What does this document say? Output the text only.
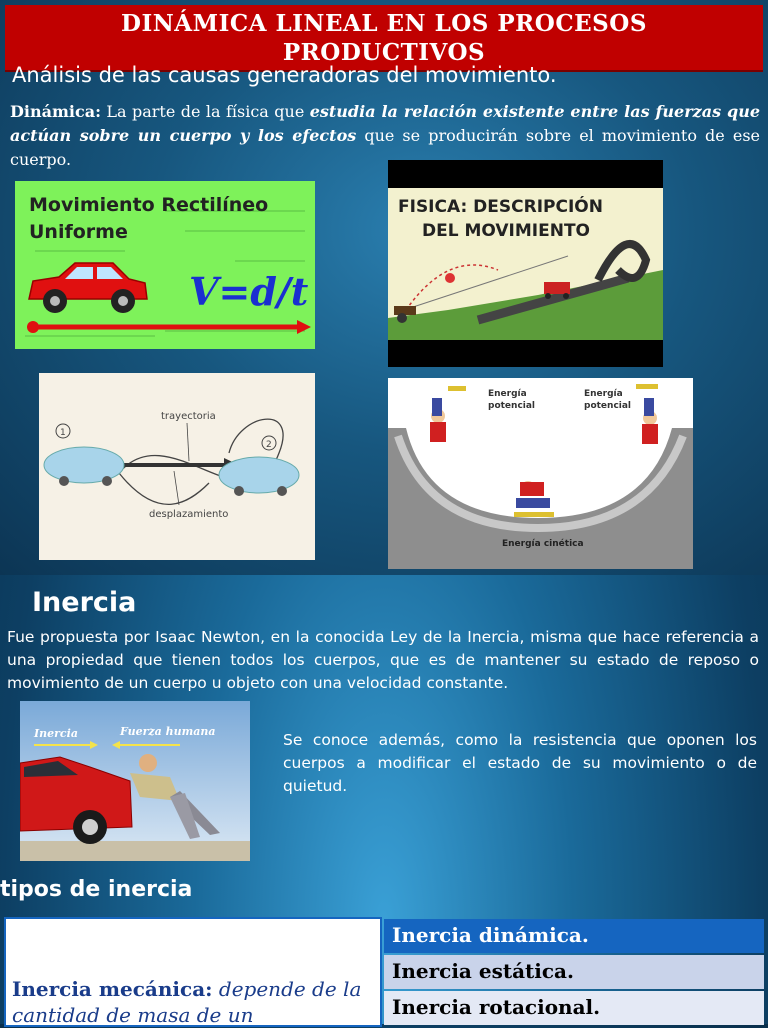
DINÁMICA LINEAL EN LOS PROCESOS PRODUCTIVOS
Análisis de las causas generadoras del movimiento.
Dinámica: La parte de la física que estudia la relación existente entre las fuerzas que actúan sobre un cuerpo y los efectos que se producirán sobre el movimiento de ese cuerpo.
Movimiento Rectilíneo
Uniforme
V=d/t
FISICA: DESCRIPCIÓN
DEL MOVIMIENTO
trayectoria
desplazamiento
1
2
Energía
potencial
Energía
potencial
Energía cinética
Inercia
Fue propuesta por Isaac Newton, en la conocida Ley de la Inercia, misma que hace referencia a una propiedad que tienen todos los cuerpos, que es de mantener su estado de reposo o movimiento de un cuerpo u objeto con una velocidad constante.
Inercia	Fuerza humana	Se conoce además, como la resistencia que oponen los cuerpos a modificar el estado de su movimiento o de quietud.
tipos de inercia
Inercia mecánica: depende de la cantidad de masa de un
Inercia dinámica.
Inercia estática.
Inercia rotacional.
